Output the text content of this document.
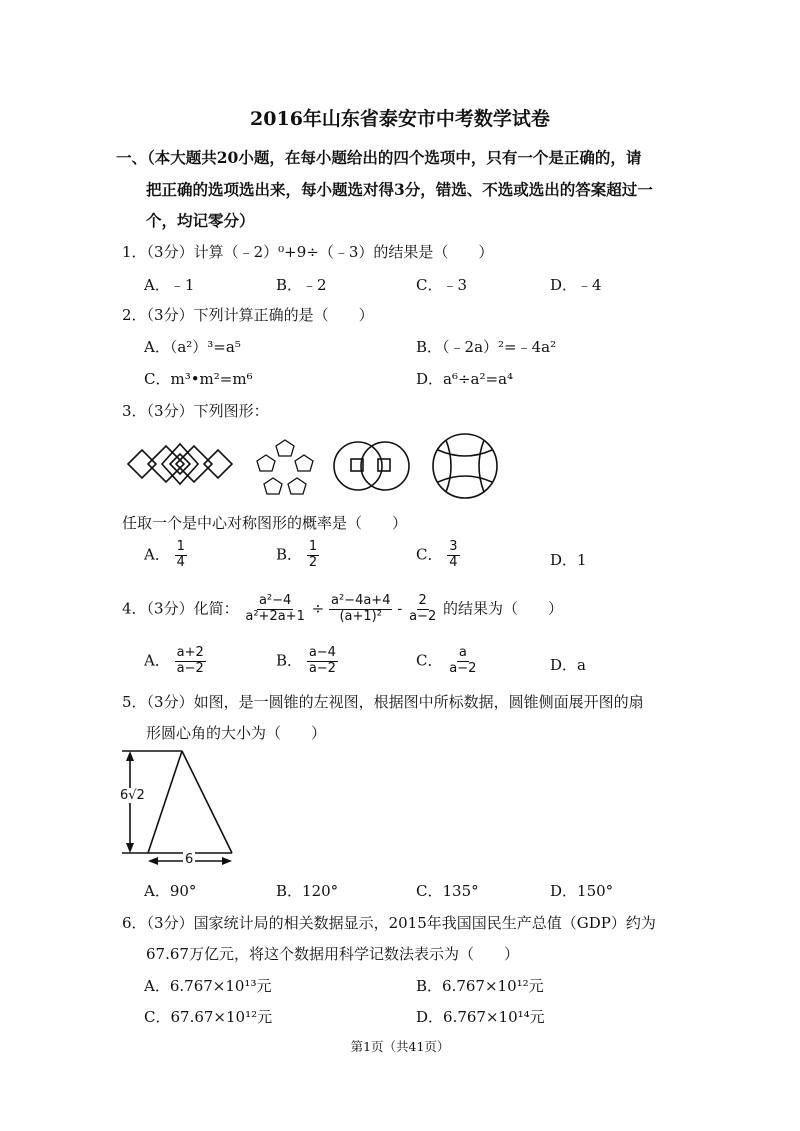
2016年山东省泰安市中考数学试卷
一、（本大题共20小题，在每小题给出的四个选项中，只有一个是正确的，请
把正确的选项选出来，每小题选对得3分，错选、不选或选出的答案超过一
个，均记零分）
1．（3分）计算（﹣2）⁰+9÷（﹣3）的结果是（　　）
A．﹣1	B．﹣2	C．﹣3	D．﹣4
2．（3分）下列计算正确的是（　　）
A．（a²）³=a⁵	B．（﹣2a）²=﹣4a²
C．m³•m²=m⁶	D．a⁶÷a²=a⁴
3．（3分）下列图形：
任取一个是中心对称图形的概率是（　　）
A． $\frac{1}{4}$	B． $\frac{1}{2}$	C． $\frac{3}{4}$	D．1
4．（3分）化简： $\frac{\text{a²−4}}{\text{a²+2a+1}} \div \frac{\text{a²−4a+4}}{\text{(a+1)²}} - \frac{2}{a-2}$ 的结果为（　　）
A． $\frac{a+2}{a-2}$	B． $\frac{a-4}{a-2}$	C． $\frac{a}{a-2}$	D．a
5．（3分）如图，是一圆锥的左视图，根据图中所标数据，圆锥侧面展开图的扇
形圆心角的大小为（　　）
6√2
6
A．90°	B．120°	C．135°	D．150°
6．（3分）国家统计局的相关数据显示，2015年我国国民生产总值（GDP）约为
67.67万亿元，将这个数据用科学记数法表示为（　　）
A．6.767×10¹³元	B．6.767×10¹²元
C．67.67×10¹²元	D．6.767×10¹⁴元
第1页（共41页）
